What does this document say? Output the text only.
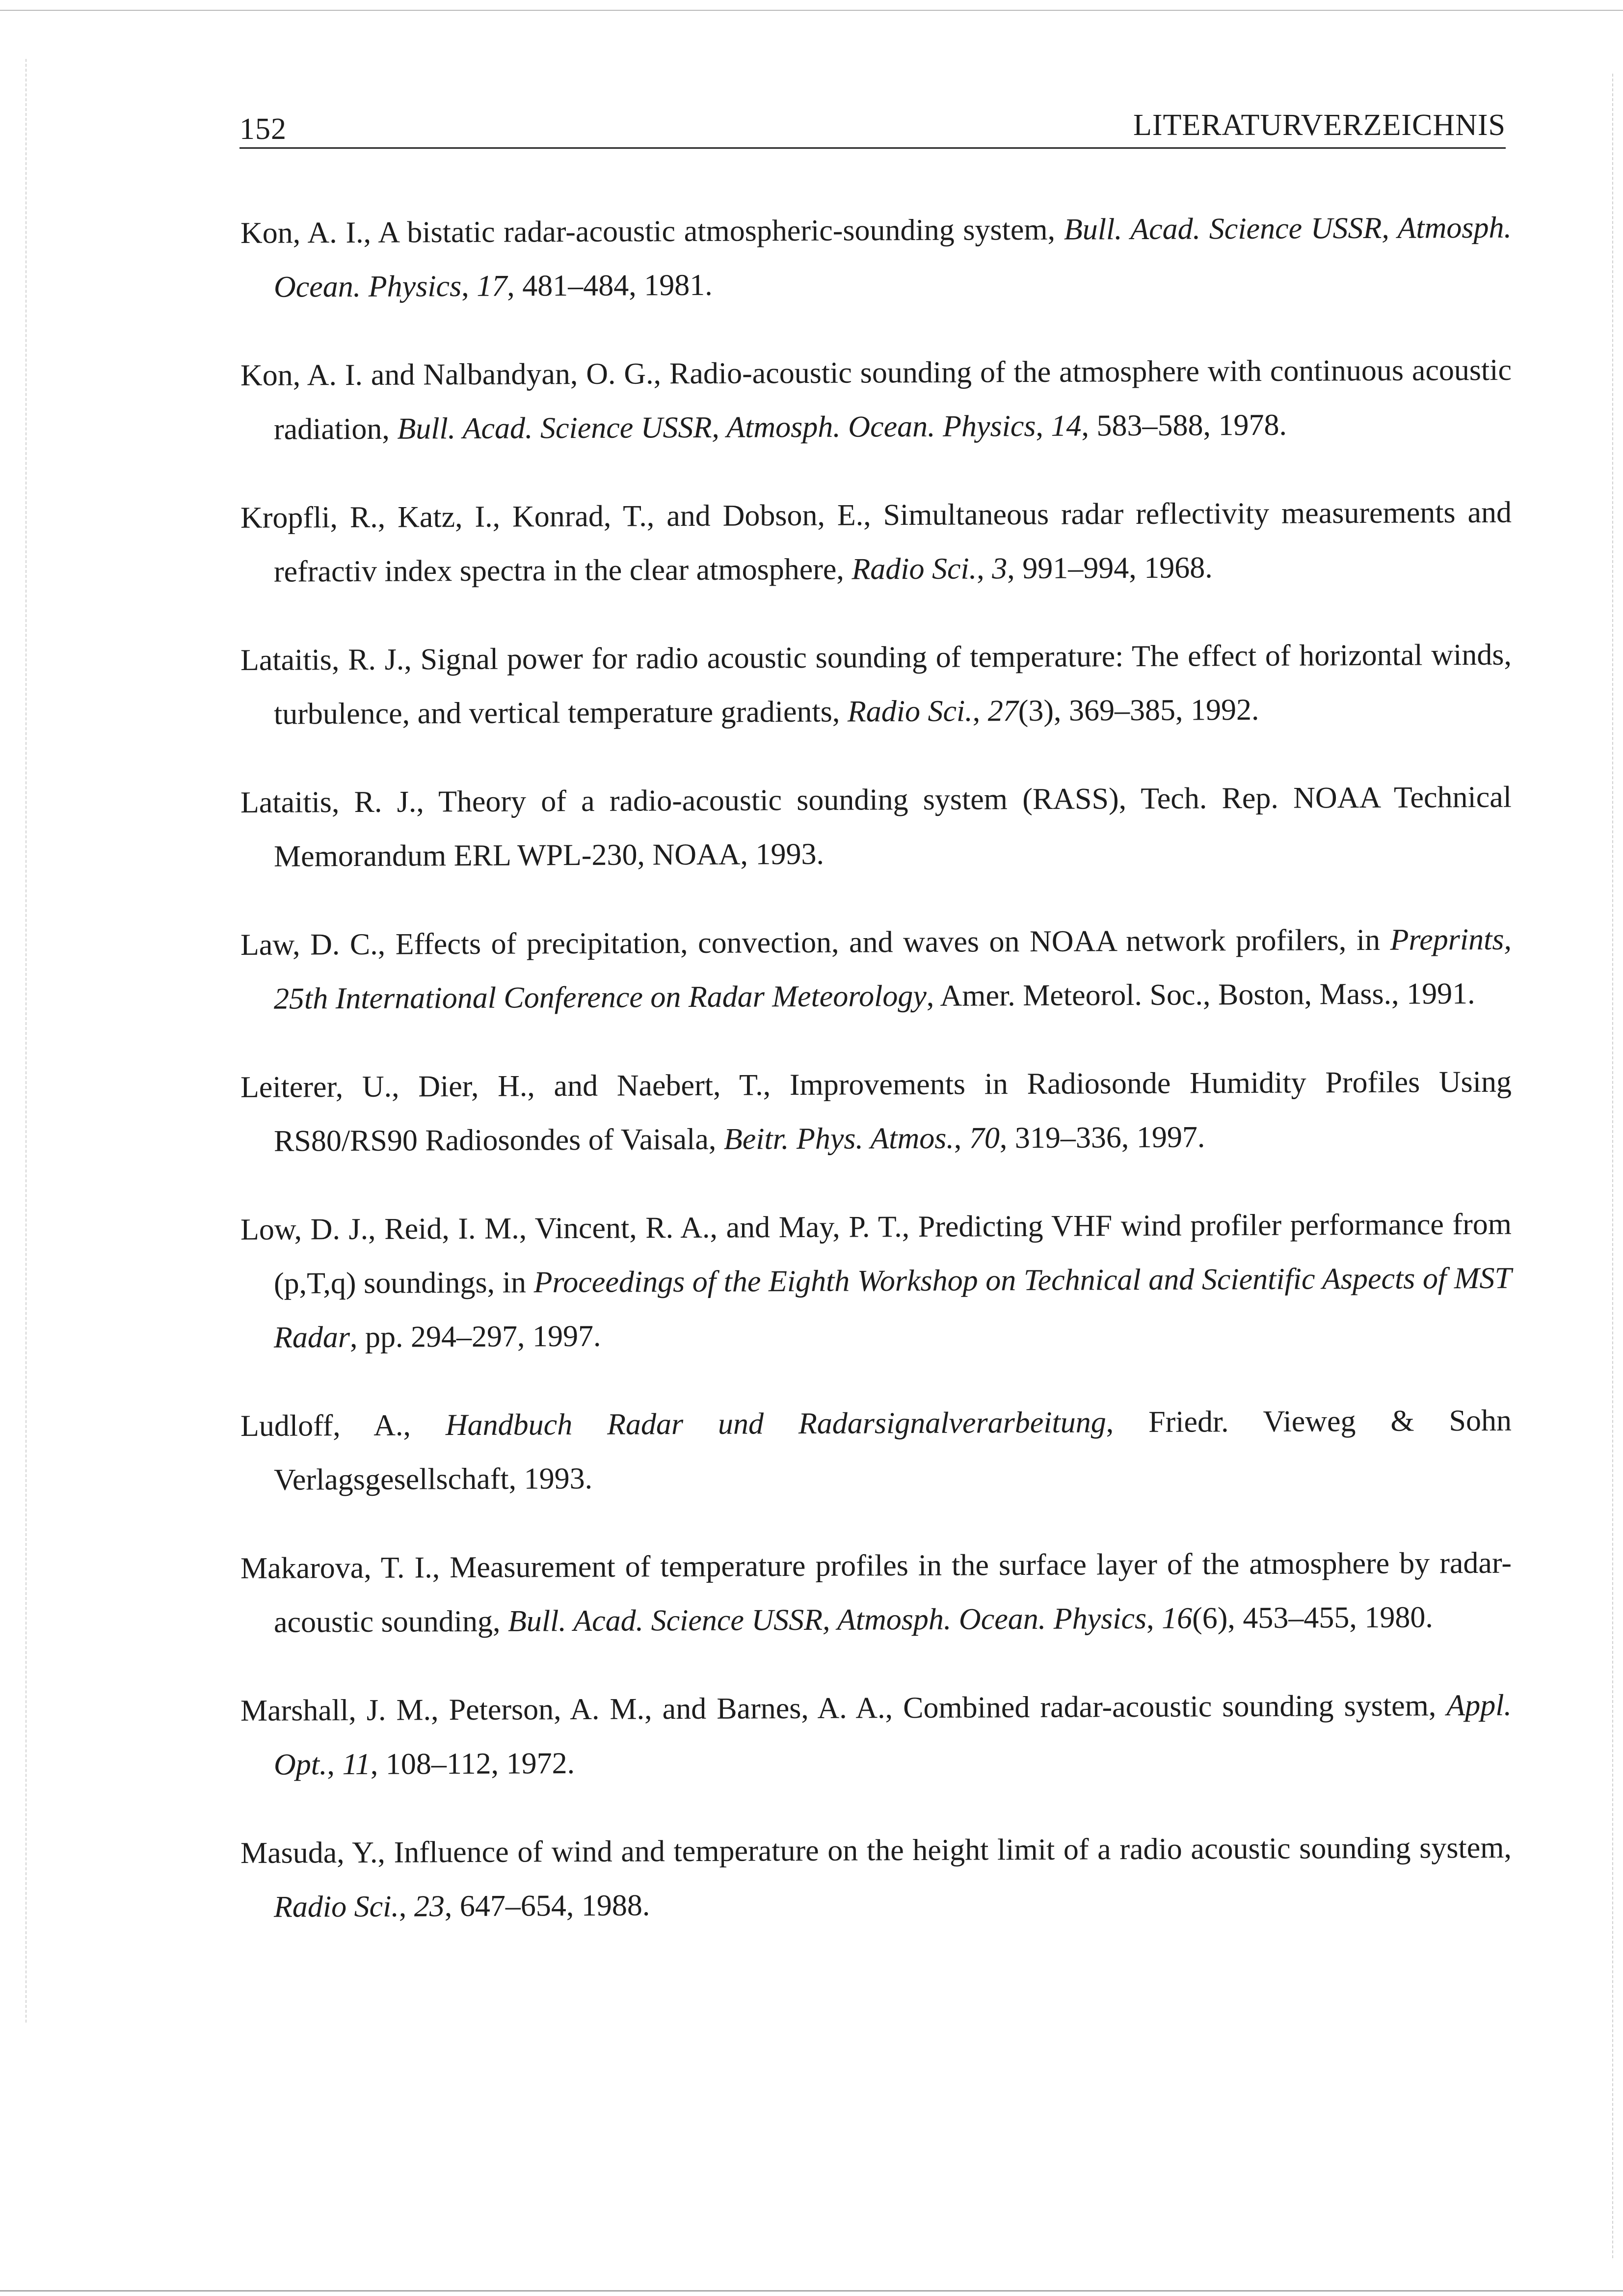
152	LITERATURVERZEICHNIS

Kon, A. I., A bistatic radar-acoustic atmospheric-sounding system, Bull. Acad. Science USSR, Atmosph. Ocean. Physics, 17, 481–484, 1981.

Kon, A. I. and Nalbandyan, O. G., Radio-acoustic sounding of the atmosphere with continuous acoustic radiation, Bull. Acad. Science USSR, Atmosph. Ocean. Physics, 14, 583–588, 1978.

Kropfli, R., Katz, I., Konrad, T., and Dobson, E., Simultaneous radar reflectivity measurements and refractiv index spectra in the clear atmosphere, Radio Sci., 3, 991–994, 1968.

Lataitis, R. J., Signal power for radio acoustic sounding of temperature: The effect of horizontal winds, turbulence, and vertical temperature gradients, Radio Sci., 27(3), 369–385, 1992.

Lataitis, R. J., Theory of a radio-acoustic sounding system (RASS), Tech. Rep. NOAA Technical Memorandum ERL WPL-230, NOAA, 1993.

Law, D. C., Effects of precipitation, convection, and waves on NOAA network profilers, in Preprints, 25th International Conference on Radar Meteorology, Amer. Meteorol. Soc., Boston, Mass., 1991.

Leiterer, U., Dier, H., and Naebert, T., Improvements in Radiosonde Humidity Profiles Using RS80/RS90 Radiosondes of Vaisala, Beitr. Phys. Atmos., 70, 319–336, 1997.

Low, D. J., Reid, I. M., Vincent, R. A., and May, P. T., Predicting VHF wind profiler performance from (p,T,q) soundings, in Proceedings of the Eighth Workshop on Technical and Scientific Aspects of MST Radar, pp. 294–297, 1997.

Ludloff, A., Handbuch Radar und Radarsignalverarbeitung, Friedr. Vieweg & Sohn Verlagsgesellschaft, 1993.

Makarova, T. I., Measurement of temperature profiles in the surface layer of the atmosphere by radar-acoustic sounding, Bull. Acad. Science USSR, Atmosph. Ocean. Physics, 16(6), 453–455, 1980.

Marshall, J. M., Peterson, A. M., and Barnes, A. A., Combined radar-acoustic sounding system, Appl. Opt., 11, 108–112, 1972.

Masuda, Y., Influence of wind and temperature on the height limit of a radio acoustic sounding system, Radio Sci., 23, 647–654, 1988.
